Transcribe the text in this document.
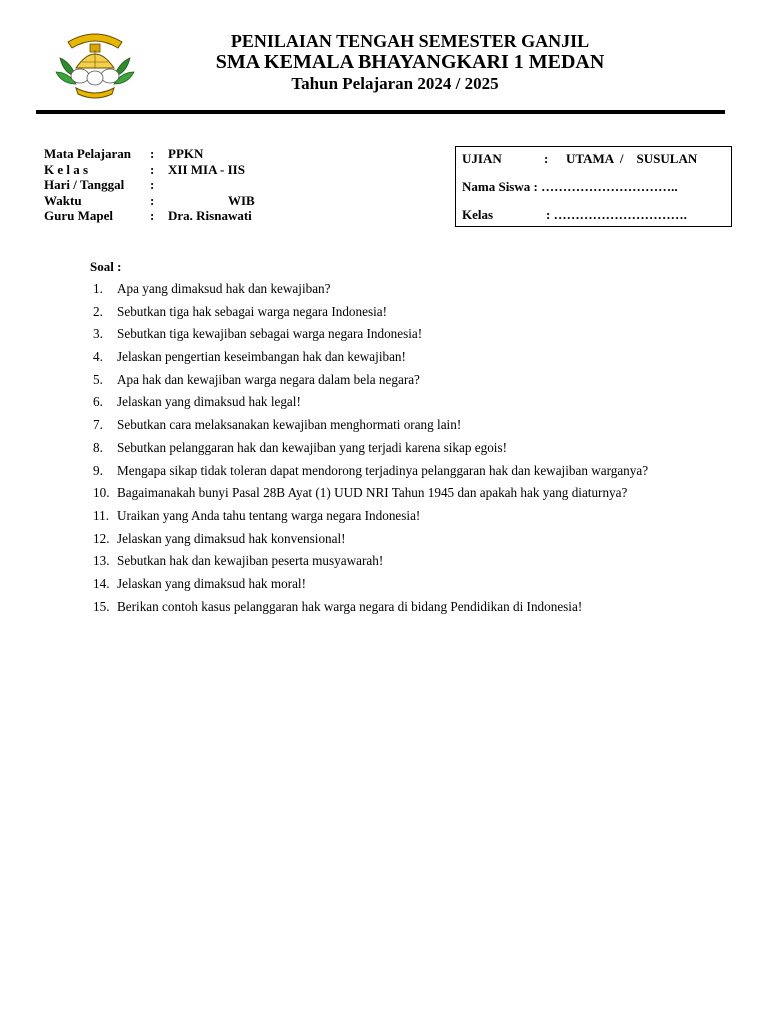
PENILAIAN TENGAH SEMESTER GANJIL
SMA KEMALA BHAYANGKARI 1 MEDAN
Tahun Pelajaran 2024 / 2025
Mata Pelajaran : PPKN
K e l a s	: XII MIA - IIS
Hari / Tanggal :
Waktu	:	WIB
Guru Mapel	: Dra. Risnawati
UJIAN	: UTAMA  /    SUSULAN
Nama Siswa : …………………………..
Kelas	: ………………………….
Soal :
1.	Apa yang dimaksud hak dan kewajiban?
2.	Sebutkan tiga hak sebagai warga negara Indonesia!
3.	Sebutkan tiga kewajiban sebagai warga negara Indonesia!
4.	Jelaskan pengertian keseimbangan hak dan kewajiban!
5.	Apa hak dan kewajiban warga negara dalam bela negara?
6.	Jelaskan yang dimaksud hak legal!
7.	Sebutkan cara melaksanakan kewajiban menghormati orang lain!
8.	Sebutkan pelanggaran hak dan kewajiban yang terjadi karena sikap egois!
9.	Mengapa sikap tidak toleran dapat mendorong terjadinya pelanggaran hak dan kewajiban warganya?
10. Bagaimanakah bunyi Pasal 28B Ayat (1) UUD NRI Tahun 1945 dan apakah hak yang diaturnya?
11. Uraikan yang Anda tahu tentang warga negara Indonesia!
12. Jelaskan yang dimaksud hak konvensional!
13. Sebutkan hak dan kewajiban peserta musyawarah!
14. Jelaskan yang dimaksud hak moral!
15. Berikan contoh kasus pelanggaran hak warga negara di bidang Pendidikan di Indonesia!
